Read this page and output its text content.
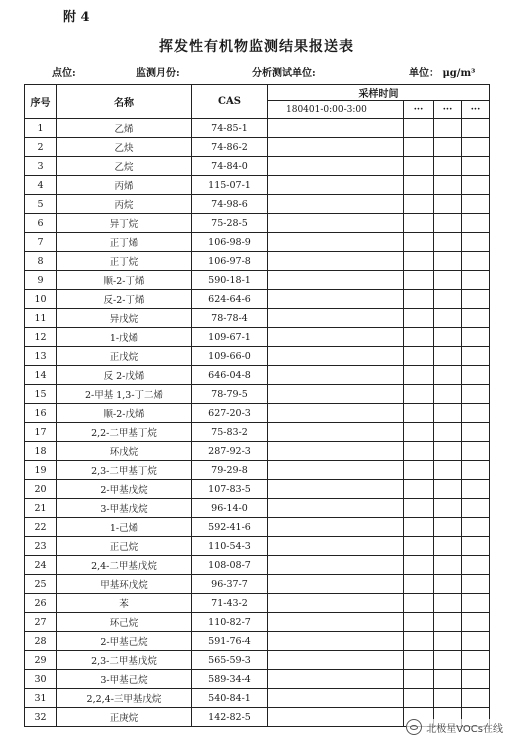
附 4
挥发性有机物监测结果报送表
点位:	监测月份:	分析测试单位:	单位： μg/m³
序号	名称	CAS	采样时间			
			180401-0:00-3:00	···	···	···
1	乙烯	74-85-1				
2	乙炔	74-86-2				
3	乙烷	74-84-0				
4	丙烯	115-07-1				
5	丙烷	74-98-6				
6	异丁烷	75-28-5				
7	正丁烯	106-98-9				
8	正丁烷	106-97-8				
9	顺-2-丁烯	590-18-1				
10	反-2-丁烯	624-64-6				
11	异戊烷	78-78-4				
12	1-戊烯	109-67-1				
13	正戊烷	109-66-0				
14	反 2-戊烯	646-04-8				
15	2-甲基 1,3-丁二烯	78-79-5				
16	顺-2-戊烯	627-20-3				
17	2,2-二甲基丁烷	75-83-2				
18	环戊烷	287-92-3				
19	2,3-二甲基丁烷	79-29-8				
20	2-甲基戊烷	107-83-5				
21	3-甲基戊烷	96-14-0				
22	1-己烯	592-41-6				
23	正己烷	110-54-3				
24	2,4-二甲基戊烷	108-08-7				
25	甲基环戊烷	96-37-7				
26	苯	71-43-2				
27	环己烷	110-82-7				
28	2-甲基己烷	591-76-4				
29	2,3-二甲基戊烷	565-59-3				
30	3-甲基己烷	589-34-4				
31	2,2,4-三甲基戊烷	540-84-1				
32	正庚烷	142-82-5				
北极星VOCs在线
